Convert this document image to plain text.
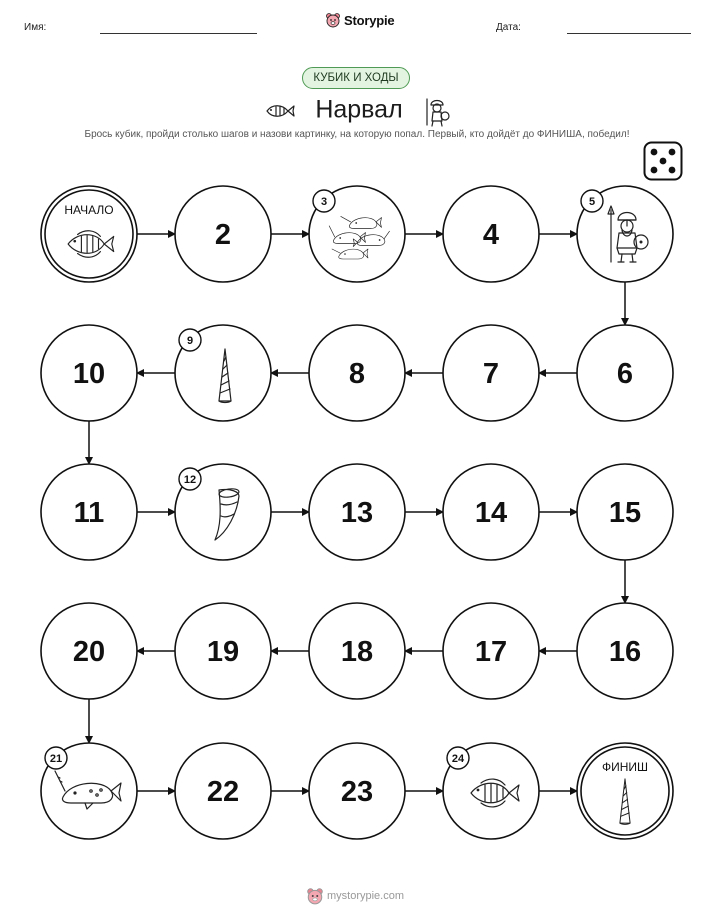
Имя:	Storypie	Дата:
КУБИК И ХОДЫ
Нарвал
Брось кубик, пройди столько шагов и назови картинку, на которую попал. Первый, кто дойдёт до ФИНИША, победил!
НАЧАЛО
2
3
4
5
6
7
8
9
10
11
12
13	14	15
16
17
18
19
20
21
22	23
24
ФИНИШ
mystorypie.com
